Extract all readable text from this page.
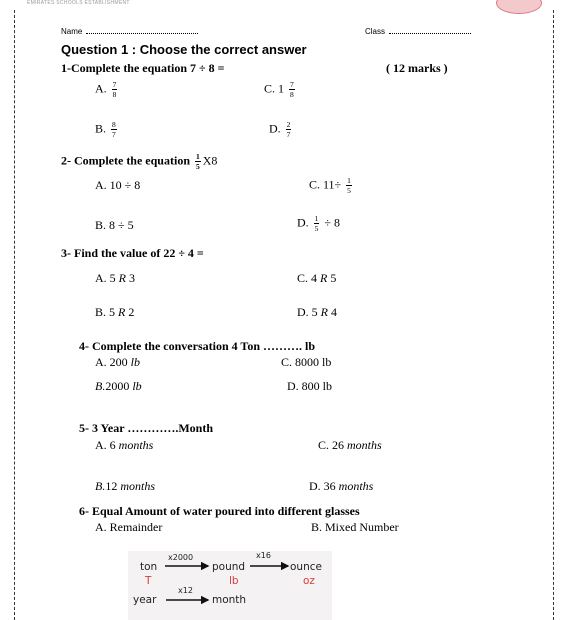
EMIRATES SCHOOLS ESTABLISHMENT
Name	Class
Question 1 : Choose the correct answer
1-Complete the equation 7 ÷ 8 =	( 12 marks )
A. $\frac{7}{8}$	C. $1 \frac{7}{8}$
B. $\frac{8}{7}$	D. $\frac{2}{7}$
2- Complete the equation $\frac{1}{5} X8$
A. 10 ÷ 8	C. $11\div \frac{1}{5}$
B. 8 ÷ 5	D. $\frac{1}{5} \div 8$
3- Find the value of 22 ÷ 4 =
A. 5 R 3	C. 4 R 5
B. 5 R 2	D. 5 R 4
4- Complete the conversation 4 Ton ………. lb
A. 200 lb	C. 8000 lb
B.2000 lb	D. 800 lb
5- 3 Year ………….Month
A. 6 months	C. 26 months
B.12 months	D. 36 months
6- Equal Amount of water poured into different glasses
A. Remainder	B. Mixed Number
x2000	x16
ton	pound	ounce
T	lb	oz
x12
year	month
